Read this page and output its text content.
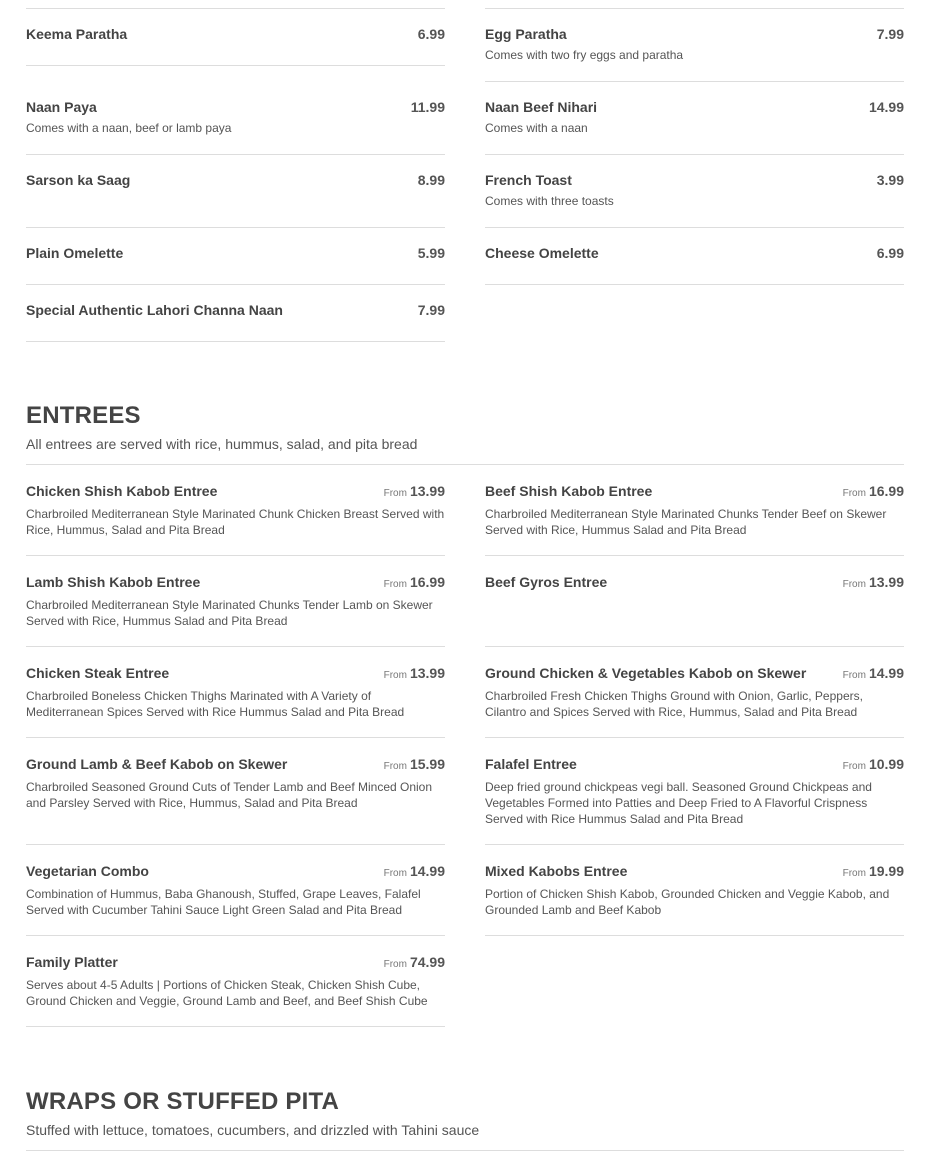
Keema Paratha	6.99	Egg Paratha	7.99
Comes with two fry eggs and paratha
Naan Paya	11.99
Comes with a naan, beef or lamb paya
Naan Beef Nihari	14.99
Comes with a naan
Sarson ka Saag	8.99	French Toast	3.99
Comes with three toasts
Plain Omelette	5.99	Cheese Omelette	6.99
Special Authentic Lahori Channa Naan	7.99
ENTREES
All entrees are served with rice, hummus, salad, and pita bread
Chicken Shish Kabob Entree	From 13.99
Charbroiled Mediterranean Style Marinated Chunk Chicken Breast Served with Rice, Hummus, Salad and Pita Bread
Beef Shish Kabob Entree	From 16.99
Charbroiled Mediterranean Style Marinated Chunks Tender Beef on Skewer Served with Rice, Hummus Salad and Pita Bread
Lamb Shish Kabob Entree	From 16.99
Charbroiled Mediterranean Style Marinated Chunks Tender Lamb on Skewer Served with Rice, Hummus Salad and Pita Bread
Beef Gyros Entree	From 13.99
Chicken Steak Entree	From 13.99
Charbroiled Boneless Chicken Thighs Marinated with A Variety of Mediterranean Spices Served with Rice Hummus Salad and Pita Bread
Ground Chicken & Vegetables Kabob on Skewer	From 14.99
Charbroiled Fresh Chicken Thighs Ground with Onion, Garlic, Peppers, Cilantro and Spices Served with Rice, Hummus, Salad and Pita Bread
Ground Lamb & Beef Kabob on Skewer	From 15.99
Charbroiled Seasoned Ground Cuts of Tender Lamb and Beef Minced Onion and Parsley Served with Rice, Hummus, Salad and Pita Bread
Falafel Entree	From 10.99
Deep fried ground chickpeas vegi ball. Seasoned Ground Chickpeas and Vegetables Formed into Patties and Deep Fried to A Flavorful Crispness Served with Rice Hummus Salad and Pita Bread
Vegetarian Combo	From 14.99
Combination of Hummus, Baba Ghanoush, Stuffed, Grape Leaves, Falafel Served with Cucumber Tahini Sauce Light Green Salad and Pita Bread
Mixed Kabobs Entree	From 19.99
Portion of Chicken Shish Kabob, Grounded Chicken and Veggie Kabob, and Grounded Lamb and Beef Kabob
Family Platter	From 74.99
Serves about 4-5 Adults | Portions of Chicken Steak, Chicken Shish Cube, Ground Chicken and Veggie, Ground Lamb and Beef, and Beef Shish Cube
WRAPS OR STUFFED PITA
Stuffed with lettuce, tomatoes, cucumbers, and drizzled with Tahini sauce
